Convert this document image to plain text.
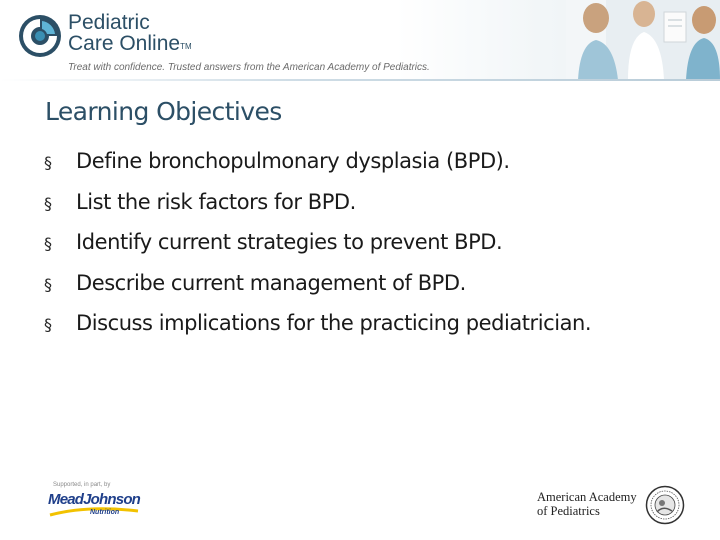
Pediatric
Care Online™
Treat with confidence. Trusted answers from the American Academy of Pediatrics.
Learning Objectives
§ Define bronchopulmonary dysplasia (BPD).
§ List the risk factors for BPD.
§ Identify current strategies to prevent BPD.
§ Describe current management of BPD.
§ Discuss implications for the practicing pediatrician.
Supported, in part, by
MeadJohnson
Nutrition
American Academy
of Pediatrics
